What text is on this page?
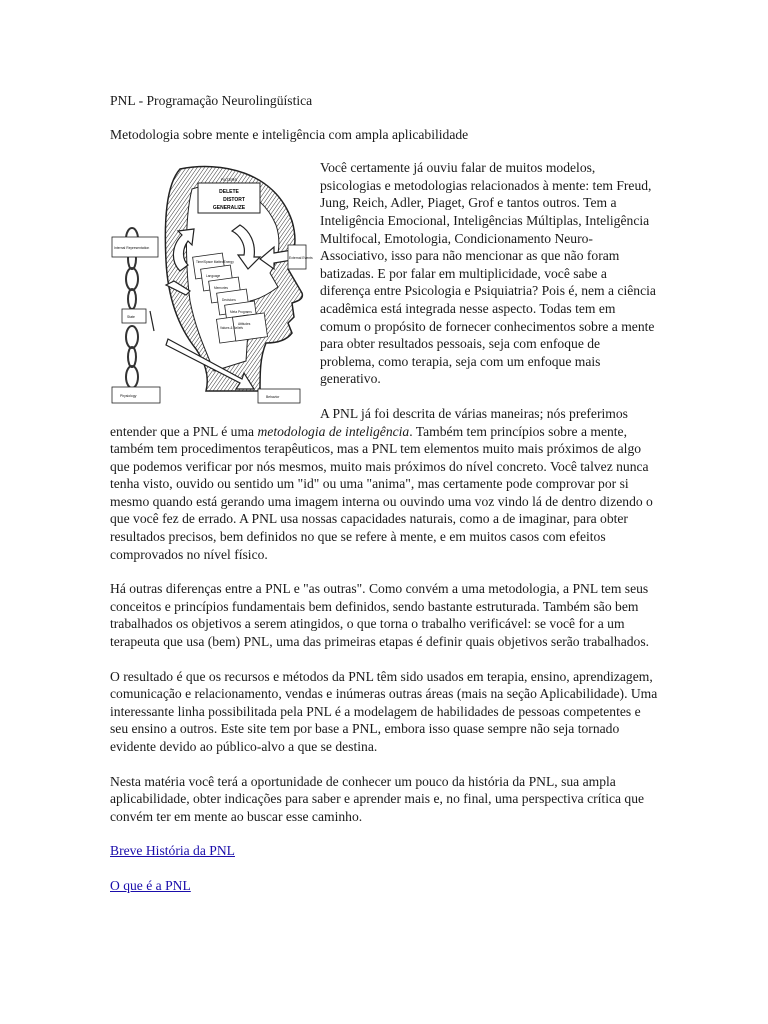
PNL - Programação Neurolingüística

Metodologia sobre mente e inteligência com ampla aplicabilidade

FILTERS
DELETE
DISTORT
GENERALIZE
Time/Space Matter/Energy
Language
Memories
Decisions
Meta Programs
Values & Beliefs
Attitudes
Internal Representation
External Events
State
Physiology	Behavior

Você certamente já ouviu falar de muitos modelos, psicologias e metodologias relacionados à mente: tem Freud, Jung, Reich, Adler, Piaget, Grof e tantos outros. Tem a Inteligência Emocional, Inteligências Múltiplas, Inteligência Multifocal, Emotologia, Condicionamento Neuro-Associativo, isso para não mencionar as que não foram batizadas. E por falar em multiplicidade, você sabe a diferença entre Psicologia e Psiquiatria? Pois é, nem a ciência acadêmica está integrada nesse aspecto. Todas tem em comum o propósito de fornecer conhecimentos sobre a mente para obter resultados pessoais, seja com enfoque de problema, como terapia, seja com um enfoque mais generativo.

A PNL já foi descrita de várias maneiras; nós preferimos entender que a PNL é uma metodologia de inteligência. Também tem princípios sobre a mente, também tem procedimentos terapêuticos, mas a PNL tem elementos muito mais próximos de algo que podemos verificar por nós mesmos, muito mais próximos do nível concreto. Você talvez nunca tenha visto, ouvido ou sentido um "id" ou uma "anima", mas certamente pode comprovar por si mesmo quando está gerando uma imagem interna ou ouvindo uma voz vindo lá de dentro dizendo o que você fez de errado. A PNL usa nossas capacidades naturais, como a de imaginar, para obter resultados precisos, bem definidos no que se refere à mente, e em muitos casos com efeitos comprovados no nível físico.

Há outras diferenças entre a PNL e "as outras". Como convém a uma metodologia, a PNL tem seus conceitos e princípios fundamentais bem definidos, sendo bastante estruturada. Também são bem trabalhados os objetivos a serem atingidos, o que torna o trabalho verificável: se você for a um terapeuta que usa (bem) PNL, uma das primeiras etapas é definir quais objetivos serão trabalhados.

O resultado é que os recursos e métodos da PNL têm sido usados em terapia, ensino, aprendizagem, comunicação e relacionamento, vendas e inúmeras outras áreas (mais na seção Aplicabilidade). Uma interessante linha possibilitada pela PNL é a modelagem de habilidades de pessoas competentes e seu ensino a outros. Este site tem por base a PNL, embora isso quase sempre não seja tornado evidente devido ao público-alvo a que se destina.

Nesta matéria você terá a oportunidade de conhecer um pouco da história da PNL, sua ampla aplicabilidade, obter indicações para saber e aprender mais e, no final, uma perspectiva crítica que convém ter em mente ao buscar esse caminho.

Breve História da PNL

O que é a PNL
